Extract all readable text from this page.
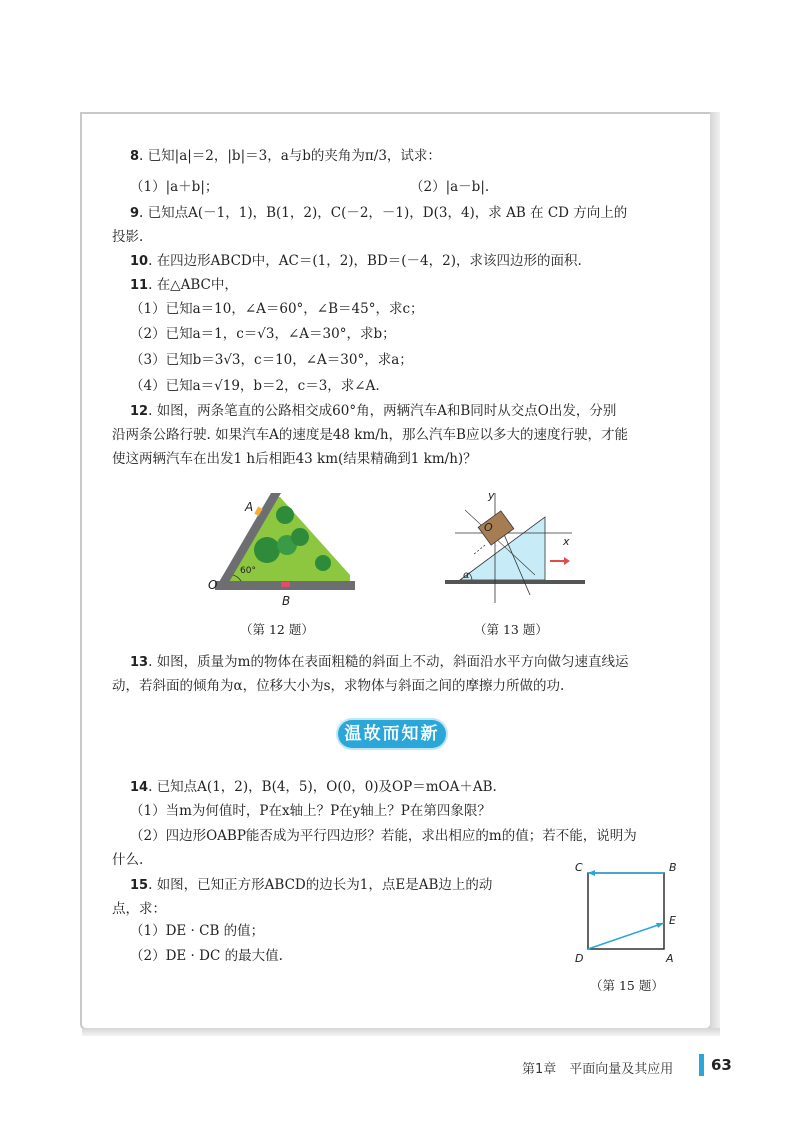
8. 已知|a|＝2，|b|＝3，a与b的夹角为π/3，试求：
（1）|a＋b|；	（2）|a－b|.
9. 已知点A(－1，1)，B(1，2)，C(－2，－1)，D(3，4)，求 AB 在 CD 方向上的
投影.
10. 在四边形ABCD中，AC＝(1，2)，BD＝(－4，2)，求该四边形的面积.
11. 在△ABC中，
（1）已知a＝10，∠A＝60°，∠B＝45°，求c；
（2）已知a＝1，c＝√3，∠A＝30°，求b；
（3）已知b＝3√3，c＝10，∠A＝30°，求a；
（4）已知a＝√19，b＝2，c＝3，求∠A.
12. 如图，两条笔直的公路相交成60°角，两辆汽车A和B同时从交点O出发，分别
沿两条公路行驶. 如果汽车A的速度是48 km/h，那么汽车B应以多大的速度行驶，才能
使这两辆汽车在出发1 h后相距43 km(结果精确到1 km/h)？
60°
A
O
B
（第 12 题）
α
y
x
O
（第 13 题）
13. 如图，质量为m的物体在表面粗糙的斜面上不动，斜面沿水平方向做匀速直线运
动，若斜面的倾角为α，位移大小为s，求物体与斜面之间的摩擦力所做的功.
温故而知新
14. 已知点A(1，2)，B(4，5)，O(0，0)及OP＝mOA＋AB.
（1）当m为何值时，P在x轴上？P在y轴上？P在第四象限？
（2）四边形OABP能否成为平行四边形？若能，求出相应的m的值；若不能，说明为
什么.
15. 如图，已知正方形ABCD的边长为1，点E是AB边上的动
点，求：
（1）DE · CB 的值；
（2）DE · DC 的最大值.
C	B
E
D	A
（第 15 题）
第1章　平面向量及其应用	63
